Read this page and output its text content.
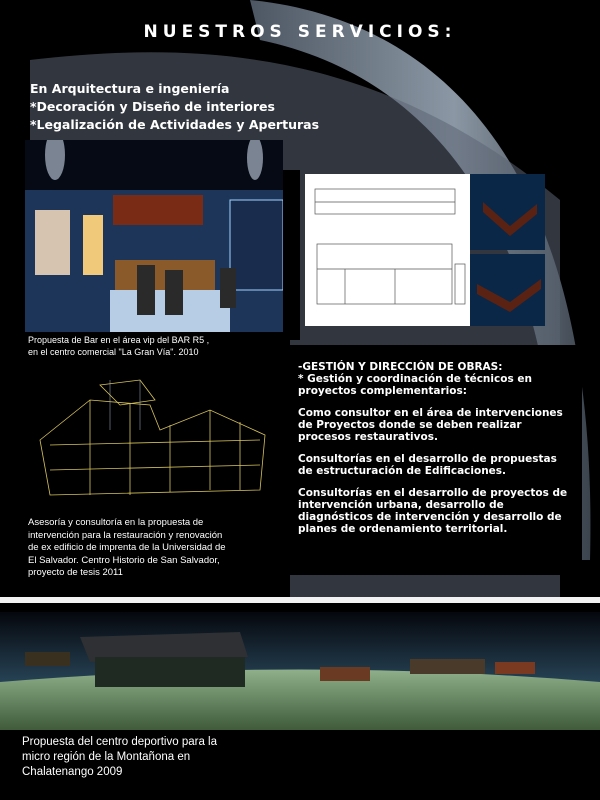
NUESTROS SERVICIOS:
En Arquitectura e ingeniería
*Decoración y Diseño de interiores
*Legalización de Actividades y Aperturas
Propuesta de Bar en el área vip del BAR R5 ,
en el centro comercial "La Gran Vía". 2010
Asesoría y consultoría en la propuesta de
intervención para la restauración y renovación
de ex edificio de imprenta de la Universidad de
El Salvador. Centro Historio de San Salvador,
proyecto de tesis 2011

-GESTIÓN Y DIRECCIÓN DE OBRAS:

* Gestión y coordinación de técnicos en proyectos complementarios:

Como consultor en el área de intervenciones de Proyectos donde se deben realizar procesos restaurativos.

Consultorías en el desarrollo de propuestas de estructuración de Edificaciones.

Consultorías en el desarrollo de proyectos de intervención urbana, desarrollo de diagnósticos de intervención y desarrollo de planes de ordenamiento territorial.

Propuesta del centro deportivo para la
micro región de la Montañona en
Chalatenango 2009
